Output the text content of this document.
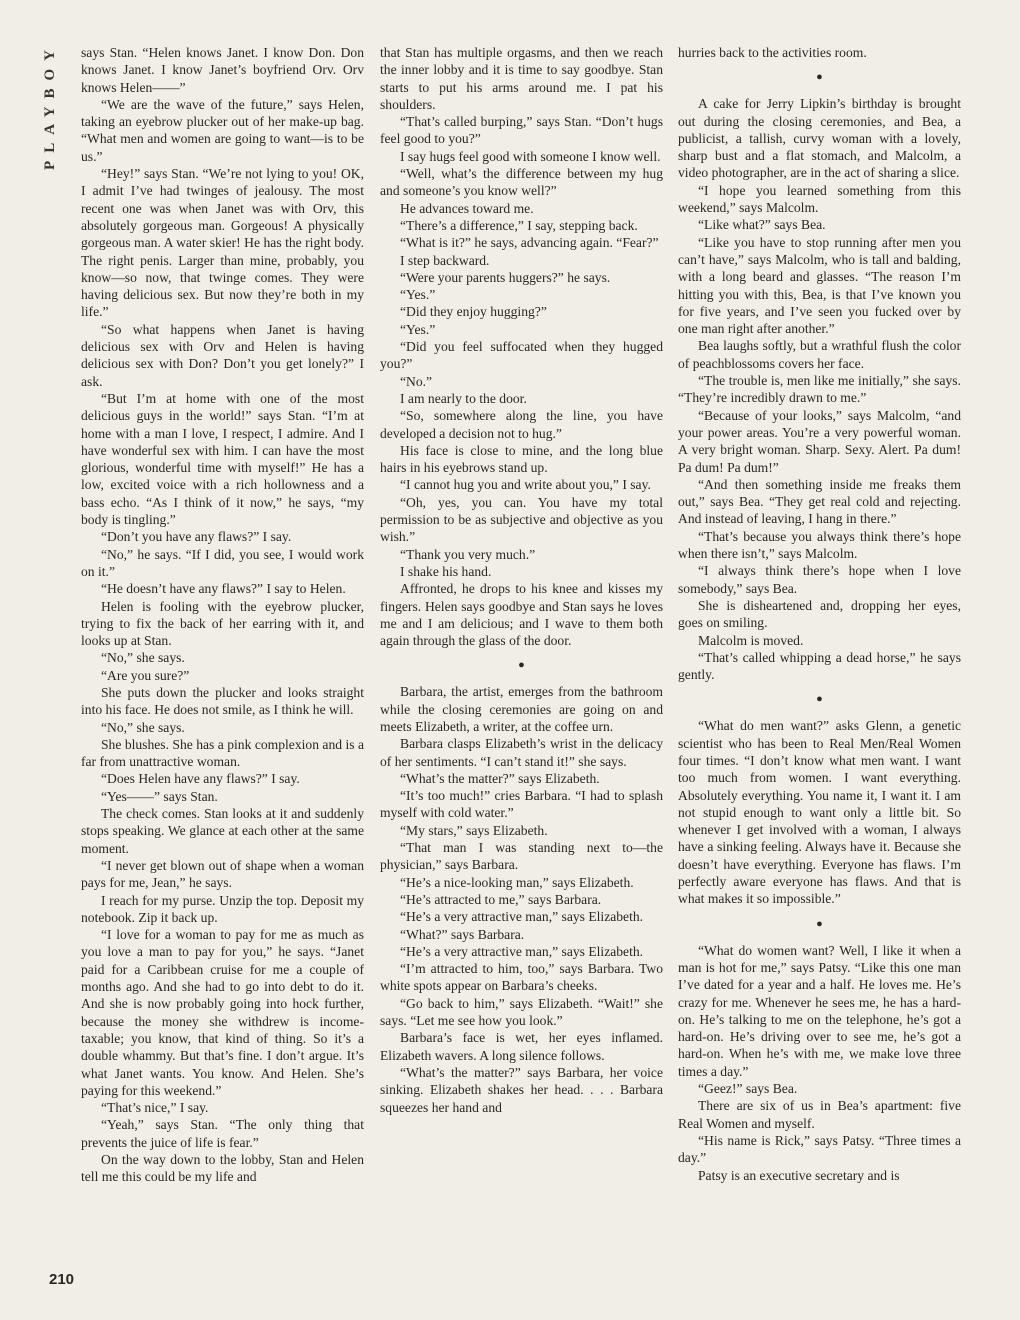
PLAYBOY
210

says Stan. “Helen knows Janet. I know Don. Don knows Janet. I know Janet’s boyfriend Orv. Orv knows Helen——”

“We are the wave of the future,” says Helen, taking an eyebrow plucker out of her make-up bag. “What men and women are going to want—is to be us.”

“Hey!” says Stan. “We’re not lying to you! OK, I admit I’ve had twinges of jealousy. The most recent one was when Janet was with Orv, this absolutely gorgeous man. Gorgeous! A physically gorgeous man. A water skier! He has the right body. The right penis. Larger than mine, probably, you know—so now, that twinge comes. They were having delicious sex. But now they’re both in my life.”

“So what happens when Janet is having delicious sex with Orv and Helen is having delicious sex with Don? Don’t you get lonely?” I ask.

“But I’m at home with one of the most delicious guys in the world!” says Stan. “I’m at home with a man I love, I respect, I admire. And I have wonderful sex with him. I can have the most glorious, wonderful time with myself!” He has a low, excited voice with a rich hollowness and a bass echo. “As I think of it now,” he says, “my body is tingling.”

“Don’t you have any flaws?” I say.

“No,” he says. “If I did, you see, I would work on it.”

“He doesn’t have any flaws?” I say to Helen.

Helen is fooling with the eyebrow plucker, trying to fix the back of her earring with it, and looks up at Stan.

“No,” she says.

“Are you sure?”

She puts down the plucker and looks straight into his face. He does not smile, as I think he will.

“No,” she says.

She blushes. She has a pink complexion and is a far from unattractive woman.

“Does Helen have any flaws?” I say.

“Yes——” says Stan.

The check comes. Stan looks at it and suddenly stops speaking. We glance at each other at the same moment.

“I never get blown out of shape when a woman pays for me, Jean,” he says.

I reach for my purse. Unzip the top. Deposit my notebook. Zip it back up.

“I love for a woman to pay for me as much as you love a man to pay for you,” he says. “Janet paid for a Caribbean cruise for me a couple of months ago. And she had to go into debt to do it. And she is now probably going into hock further, because the money she withdrew is income-taxable; you know, that kind of thing. So it’s a double whammy. But that’s fine. I don’t argue. It’s what Janet wants. You know. And Helen. She’s paying for this weekend.”

“That’s nice,” I say.

“Yeah,” says Stan. “The only thing that prevents the juice of life is fear.”

On the way down to the lobby, Stan and Helen tell me this could be my life and

that Stan has multiple orgasms, and then we reach the inner lobby and it is time to say goodbye. Stan starts to put his arms around me. I pat his shoulders.

“That’s called burping,” says Stan. “Don’t hugs feel good to you?”

I say hugs feel good with someone I know well.

“Well, what’s the difference between my hug and someone’s you know well?”

He advances toward me.

“There’s a difference,” I say, stepping back.

“What is it?” he says, advancing again. “Fear?”

I step backward.

“Were your parents huggers?” he says.

“Yes.”

“Did they enjoy hugging?”

“Yes.”

“Did you feel suffocated when they hugged you?”

“No.”

I am nearly to the door.

“So, somewhere along the line, you have developed a decision not to hug.”

His face is close to mine, and the long blue hairs in his eyebrows stand up.

“I cannot hug you and write about you,” I say.

“Oh, yes, you can. You have my total permission to be as subjective and objective as you wish.”

“Thank you very much.”

I shake his hand.

Affronted, he drops to his knee and kisses my fingers. Helen says goodbye and Stan says he loves me and I am delicious; and I wave to them both again through the glass of the door.

●

Barbara, the artist, emerges from the bathroom while the closing ceremonies are going on and meets Elizabeth, a writer, at the coffee urn.

Barbara clasps Elizabeth’s wrist in the delicacy of her sentiments. “I can’t stand it!” she says.

“What’s the matter?” says Elizabeth.

“It’s too much!” cries Barbara. “I had to splash myself with cold water.”

“My stars,” says Elizabeth.

“That man I was standing next to—the physician,” says Barbara.

“He’s a nice-looking man,” says Elizabeth.

“He’s attracted to me,” says Barbara.

“He’s a very attractive man,” says Elizabeth.

“What?” says Barbara.

“He’s a very attractive man,” says Elizabeth.

“I’m attracted to him, too,” says Barbara. Two white spots appear on Barbara’s cheeks.

“Go back to him,” says Elizabeth. “Wait!” she says. “Let me see how you look.”

Barbara’s face is wet, her eyes inflamed. Elizabeth wavers. A long silence follows.

“What’s the matter?” says Barbara, her voice sinking. Elizabeth shakes her head. . . . Barbara squeezes her hand and

hurries back to the activities room.

●

A cake for Jerry Lipkin’s birthday is brought out during the closing ceremonies, and Bea, a publicist, a tallish, curvy woman with a lovely, sharp bust and a flat stomach, and Malcolm, a video photographer, are in the act of sharing a slice.

“I hope you learned something from this weekend,” says Malcolm.

“Like what?” says Bea.

“Like you have to stop running after men you can’t have,” says Malcolm, who is tall and balding, with a long beard and glasses. “The reason I’m hitting you with this, Bea, is that I’ve known you for five years, and I’ve seen you fucked over by one man right after another.”

Bea laughs softly, but a wrathful flush the color of peachblossoms covers her face.

“The trouble is, men like me initially,” she says. “They’re incredibly drawn to me.”

“Because of your looks,” says Malcolm, “and your power areas. You’re a very powerful woman. A very bright woman. Sharp. Sexy. Alert. Pa dum! Pa dum! Pa dum!”

“And then something inside me freaks them out,” says Bea. “They get real cold and rejecting. And instead of leaving, I hang in there.”

“That’s because you always think there’s hope when there isn’t,” says Malcolm.

“I always think there’s hope when I love somebody,” says Bea.

She is disheartened and, dropping her eyes, goes on smiling.

Malcolm is moved.

“That’s called whipping a dead horse,” he says gently.

●

“What do men want?” asks Glenn, a genetic scientist who has been to Real Men/Real Women four times. “I don’t know what men want. I want too much from women. I want everything. Absolutely everything. You name it, I want it. I am not stupid enough to want only a little bit. So whenever I get involved with a woman, I always have a sinking feeling. Always have it. Because she doesn’t have everything. Everyone has flaws. I’m perfectly aware everyone has flaws. And that is what makes it so impossible.”

●

“What do women want? Well, I like it when a man is hot for me,” says Patsy. “Like this one man I’ve dated for a year and a half. He loves me. He’s crazy for me. Whenever he sees me, he has a hard-on. He’s talking to me on the telephone, he’s got a hard-on. He’s driving over to see me, he’s got a hard-on. When he’s with me, we make love three times a day.”

“Geez!” says Bea.

There are six of us in Bea’s apartment: five Real Women and myself.

“His name is Rick,” says Patsy. “Three times a day.”

Patsy is an executive secretary and is
